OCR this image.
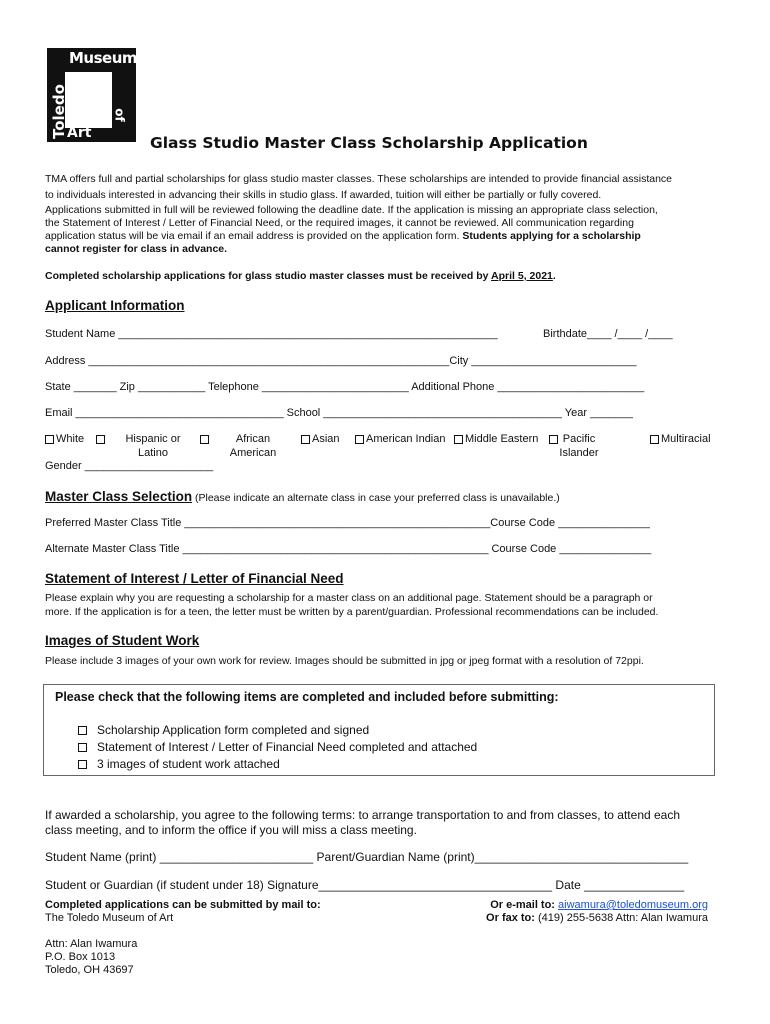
Museum
Toledo Art
of
Glass Studio Master Class Scholarship Application
TMA offers full and partial scholarships for glass studio master classes. These scholarships are intended to provide financial assistance
to individuals interested in advancing their skills in studio glass. If awarded, tuition will either be partially or fully covered.
Applications submitted in full will be reviewed following the deadline date. If the application is missing an appropriate class selection,
the Statement of Interest / Letter of Financial Need, or the required images, it cannot be reviewed. All communication regarding
application status will be via email if an email address is provided on the application form. Students applying for a scholarship
cannot register for class in advance.
Completed scholarship applications for glass studio master classes must be received by April 5, 2021.
Applicant Information
Student Name ______________________________________________________________	Birthdate____ /____ /____
Address ___________________________________________________________City ___________________________
State _______ Zip ___________ Telephone ________________________ Additional Phone ________________________
Email __________________________________ School _______________________________________ Year _______
White	Hispanic or
Latino
African
American
Asian	American Indian	Middle Eastern	Pacific
Islander
Multiracial
Gender _____________________
Master Class Selection (Please indicate an alternate class in case your preferred class is unavailable.)
Preferred Master Class Title __________________________________________________Course Code _______________
Alternate Master Class Title __________________________________________________ Course Code _______________
Statement of Interest / Letter of Financial Need
Please explain why you are requesting a scholarship for a master class on an additional page. Statement should be a paragraph or
more. If the application is for a teen, the letter must be written by a parent/guardian. Professional recommendations can be included.
Images of Student Work
Please include 3 images of your own work for review. Images should be submitted in jpg or jpeg format with a resolution of 72ppi.
Please check that the following items are completed and included before submitting:
Scholarship Application form completed and signed
Statement of Interest / Letter of Financial Need completed and attached
3 images of student work attached
If awarded a scholarship, you agree to the following terms: to arrange transportation to and from classes, to attend each
class meeting, and to inform the office if you will miss a class meeting.
Student Name (print) _______________________ Parent/Guardian Name (print)________________________________
Student or Guardian (if student under 18) Signature___________________________________ Date _______________
Completed applications can be submitted by mail to:
The Toledo Museum of Art
Attn: Alan Iwamura
P.O. Box 1013
Toledo, OH 43697
Or e-mail to: aiwamura@toledomuseum.org
Or fax to: (419) 255-5638 Attn: Alan Iwamura
